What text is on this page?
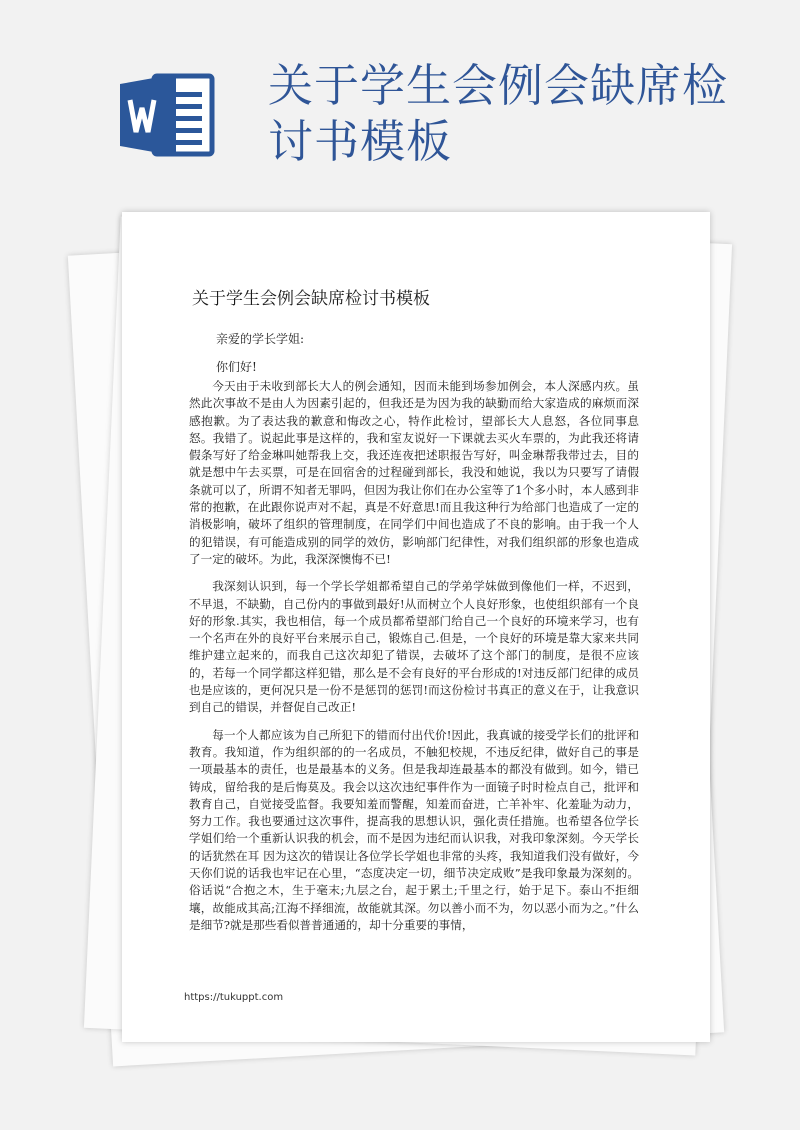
关于学生会例会缺席检讨书模板
关于学生会例会缺席检讨书模板
亲爱的学长学姐:
你们好!

今天由于未收到部长大人的例会通知，因而未能到场参加例会，本人深感内疚。虽然此次事故不是由人为因素引起的，但我还是为因为我的缺勤而给大家造成的麻烦而深感抱歉。为了表达我的歉意和悔改之心，特作此检讨，望部长大人息怒，各位同事息怒。我错了。说起此事是这样的，我和室友说好一下课就去买火车票的，为此我还将请假条写好了给金琳叫她帮我上交，我还连夜把述职报告写好，叫金琳帮我带过去，目的就是想中午去买票，可是在回宿舍的过程碰到部长，我没和她说，我以为只要写了请假条就可以了，所谓不知者无罪吗，但因为我让你们在办公室等了1个多小时，本人感到非常的抱歉，在此跟你说声对不起，真是不好意思!而且我这种行为给部门也造成了一定的消极影响，破坏了组织的管理制度，在同学们中间也造成了不良的影响。由于我一个人的犯错误，有可能造成别的同学的效仿，影响部门纪律性，对我们组织部的形象也造成了一定的破坏。为此，我深深懊悔不已!

我深刻认识到，每一个学长学姐都希望自己的学弟学妹做到像他们一样，不迟到，不早退，不缺勤，自己份内的事做到最好!从而树立个人良好形象，也使组织部有一个良好的形象.其实，我也相信，每一个成员都希望部门给自己一个良好的环境来学习，也有一个名声在外的良好平台来展示自己，锻炼自己.但是，一个良好的环境是靠大家来共同维护建立起来的，而我自己这次却犯了错误，去破坏了这个部门的制度，是很不应该的，若每一个同学都这样犯错，那么是不会有良好的平台形成的!对违反部门纪律的成员也是应该的，更何况只是一份不是惩罚的惩罚!而这份检讨书真正的意义在于，让我意识到自己的错误，并督促自己改正!

每一个人都应该为自己所犯下的错而付出代价!因此，我真诚的接受学长们的批评和教育。我知道，作为组织部的的一名成员，不触犯校规，不违反纪律，做好自己的事是一项最基本的责任，也是最基本的义务。但是我却连最基本的都没有做到。如今，错已铸成，留给我的是后悔莫及。我会以这次违纪事件作为一面镜子时时检点自己，批评和教育自己，自觉接受监督。我要知羞而警醒，知羞而奋进，亡羊补牢、化羞耻为动力，努力工作。我也要通过这次事件，提高我的思想认识，强化责任措施。也希望各位学长学姐们给一个重新认识我的机会，而不是因为违纪而认识我，对我印象深刻。今天学长的话犹然在耳 因为这次的错误让各位学长学姐也非常的头疼，我知道我们没有做好，今天你们说的话我也牢记在心里，“态度决定一切，细节决定成败”是我印象最为深刻的。俗话说“合抱之木，生于毫末;九层之台，起于累土;千里之行，始于足下。泰山不拒细壤，故能成其高;江海不择细流，故能就其深。勿以善小而不为，勿以恶小而为之。”什么是细节?就是那些看似普普通通的，却十分重要的事情，

https://tukuppt.com
